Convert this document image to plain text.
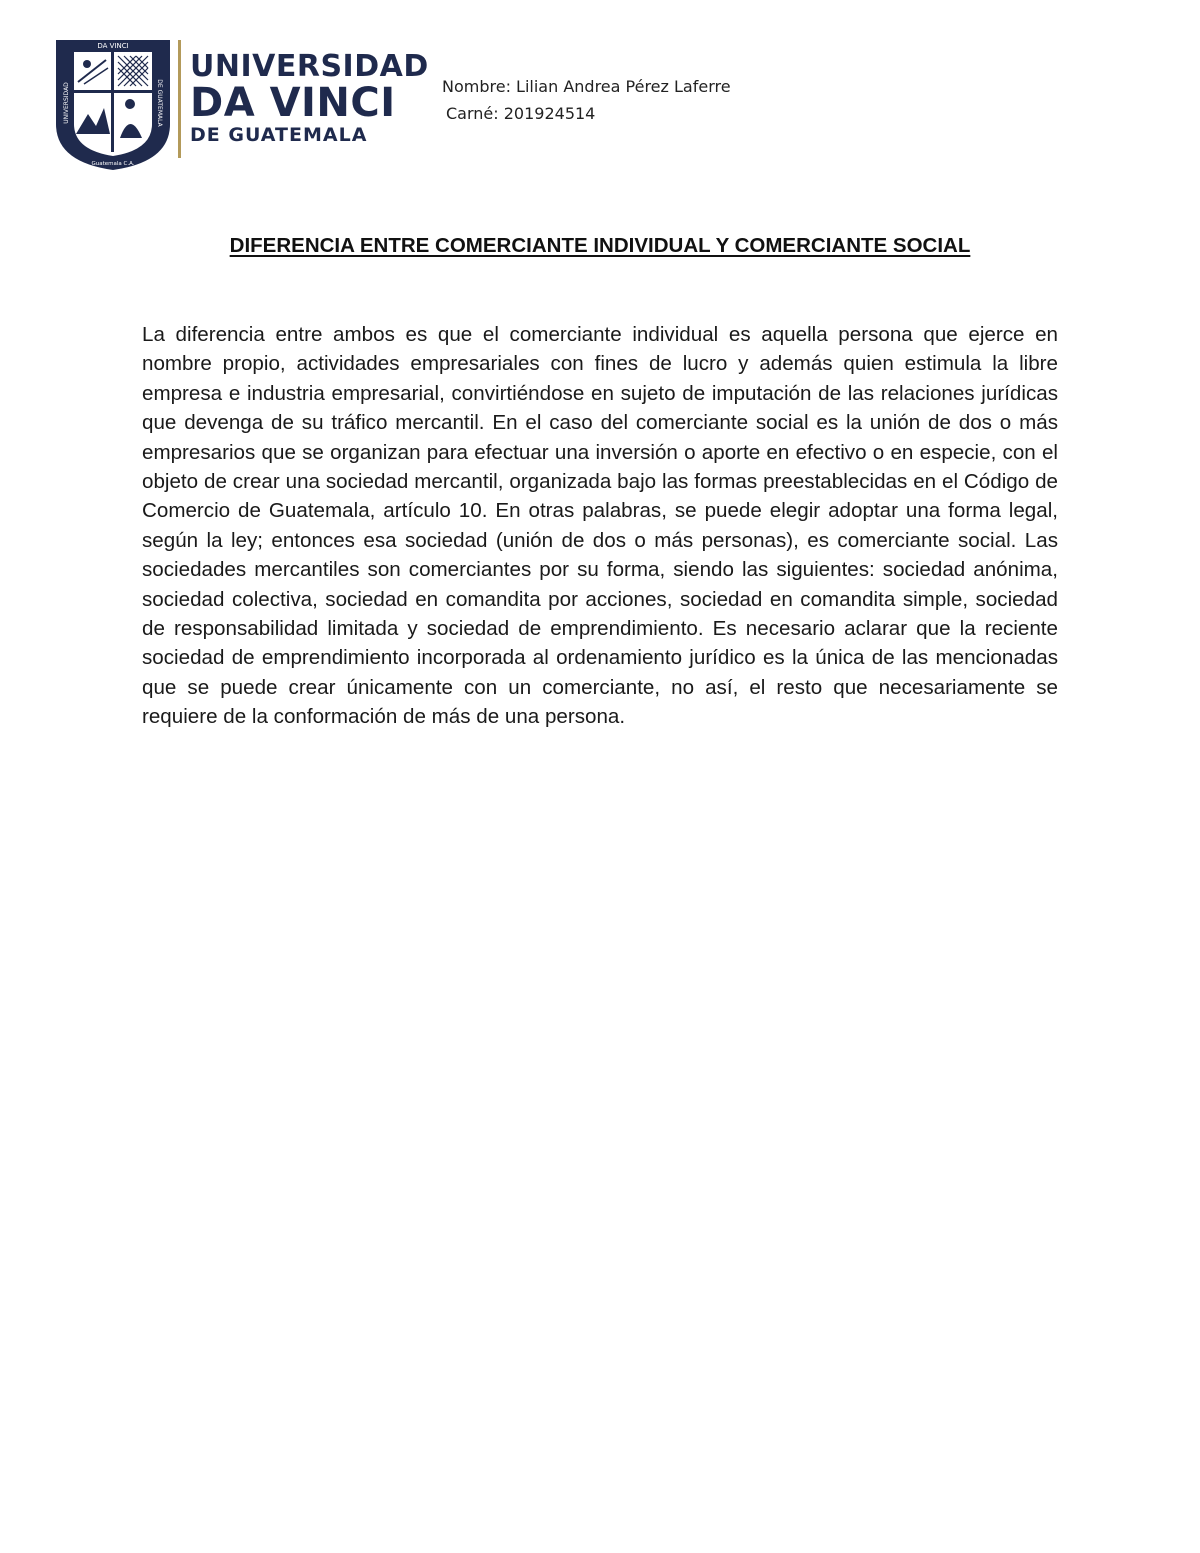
DA VINCI
UNIVERSIDAD
DE GUATEMALA
Guatemala C.A.
UNIVERSIDAD
DA VINCI
DE GUATEMALA
Nombre: Lilian Andrea Pérez Laferre
Carné: 201924514
DIFERENCIA ENTRE COMERCIANTE INDIVIDUAL Y COMERCIANTE SOCIAL

La diferencia entre ambos es que el comerciante individual es aquella persona que ejerce en nombre propio, actividades empresariales con fines de lucro y además quien estimula la libre empresa e industria empresarial, convirtiéndose en sujeto de imputación de las relaciones jurídicas que devenga de su tráfico mercantil. En el caso del comerciante social es la unión de dos o más empresarios que se organizan para efectuar una inversión o aporte en efectivo o en especie, con el objeto de crear una sociedad mercantil, organizada bajo las formas preestablecidas en el Código de Comercio de Guatemala, artículo 10. En otras palabras, se puede elegir adoptar una forma legal, según la ley; entonces esa sociedad (unión de dos o más personas), es comerciante social. Las sociedades mercantiles son comerciantes por su forma, siendo las siguientes: sociedad anónima, sociedad colectiva, sociedad en comandita por acciones, sociedad en comandita simple, sociedad de responsabilidad limitada y sociedad de emprendimiento. Es necesario aclarar que la reciente sociedad de emprendimiento incorporada al ordenamiento jurídico es la única de las mencionadas que se puede crear únicamente con un comerciante, no así, el resto que necesariamente se requiere de la conformación de más de una persona.
